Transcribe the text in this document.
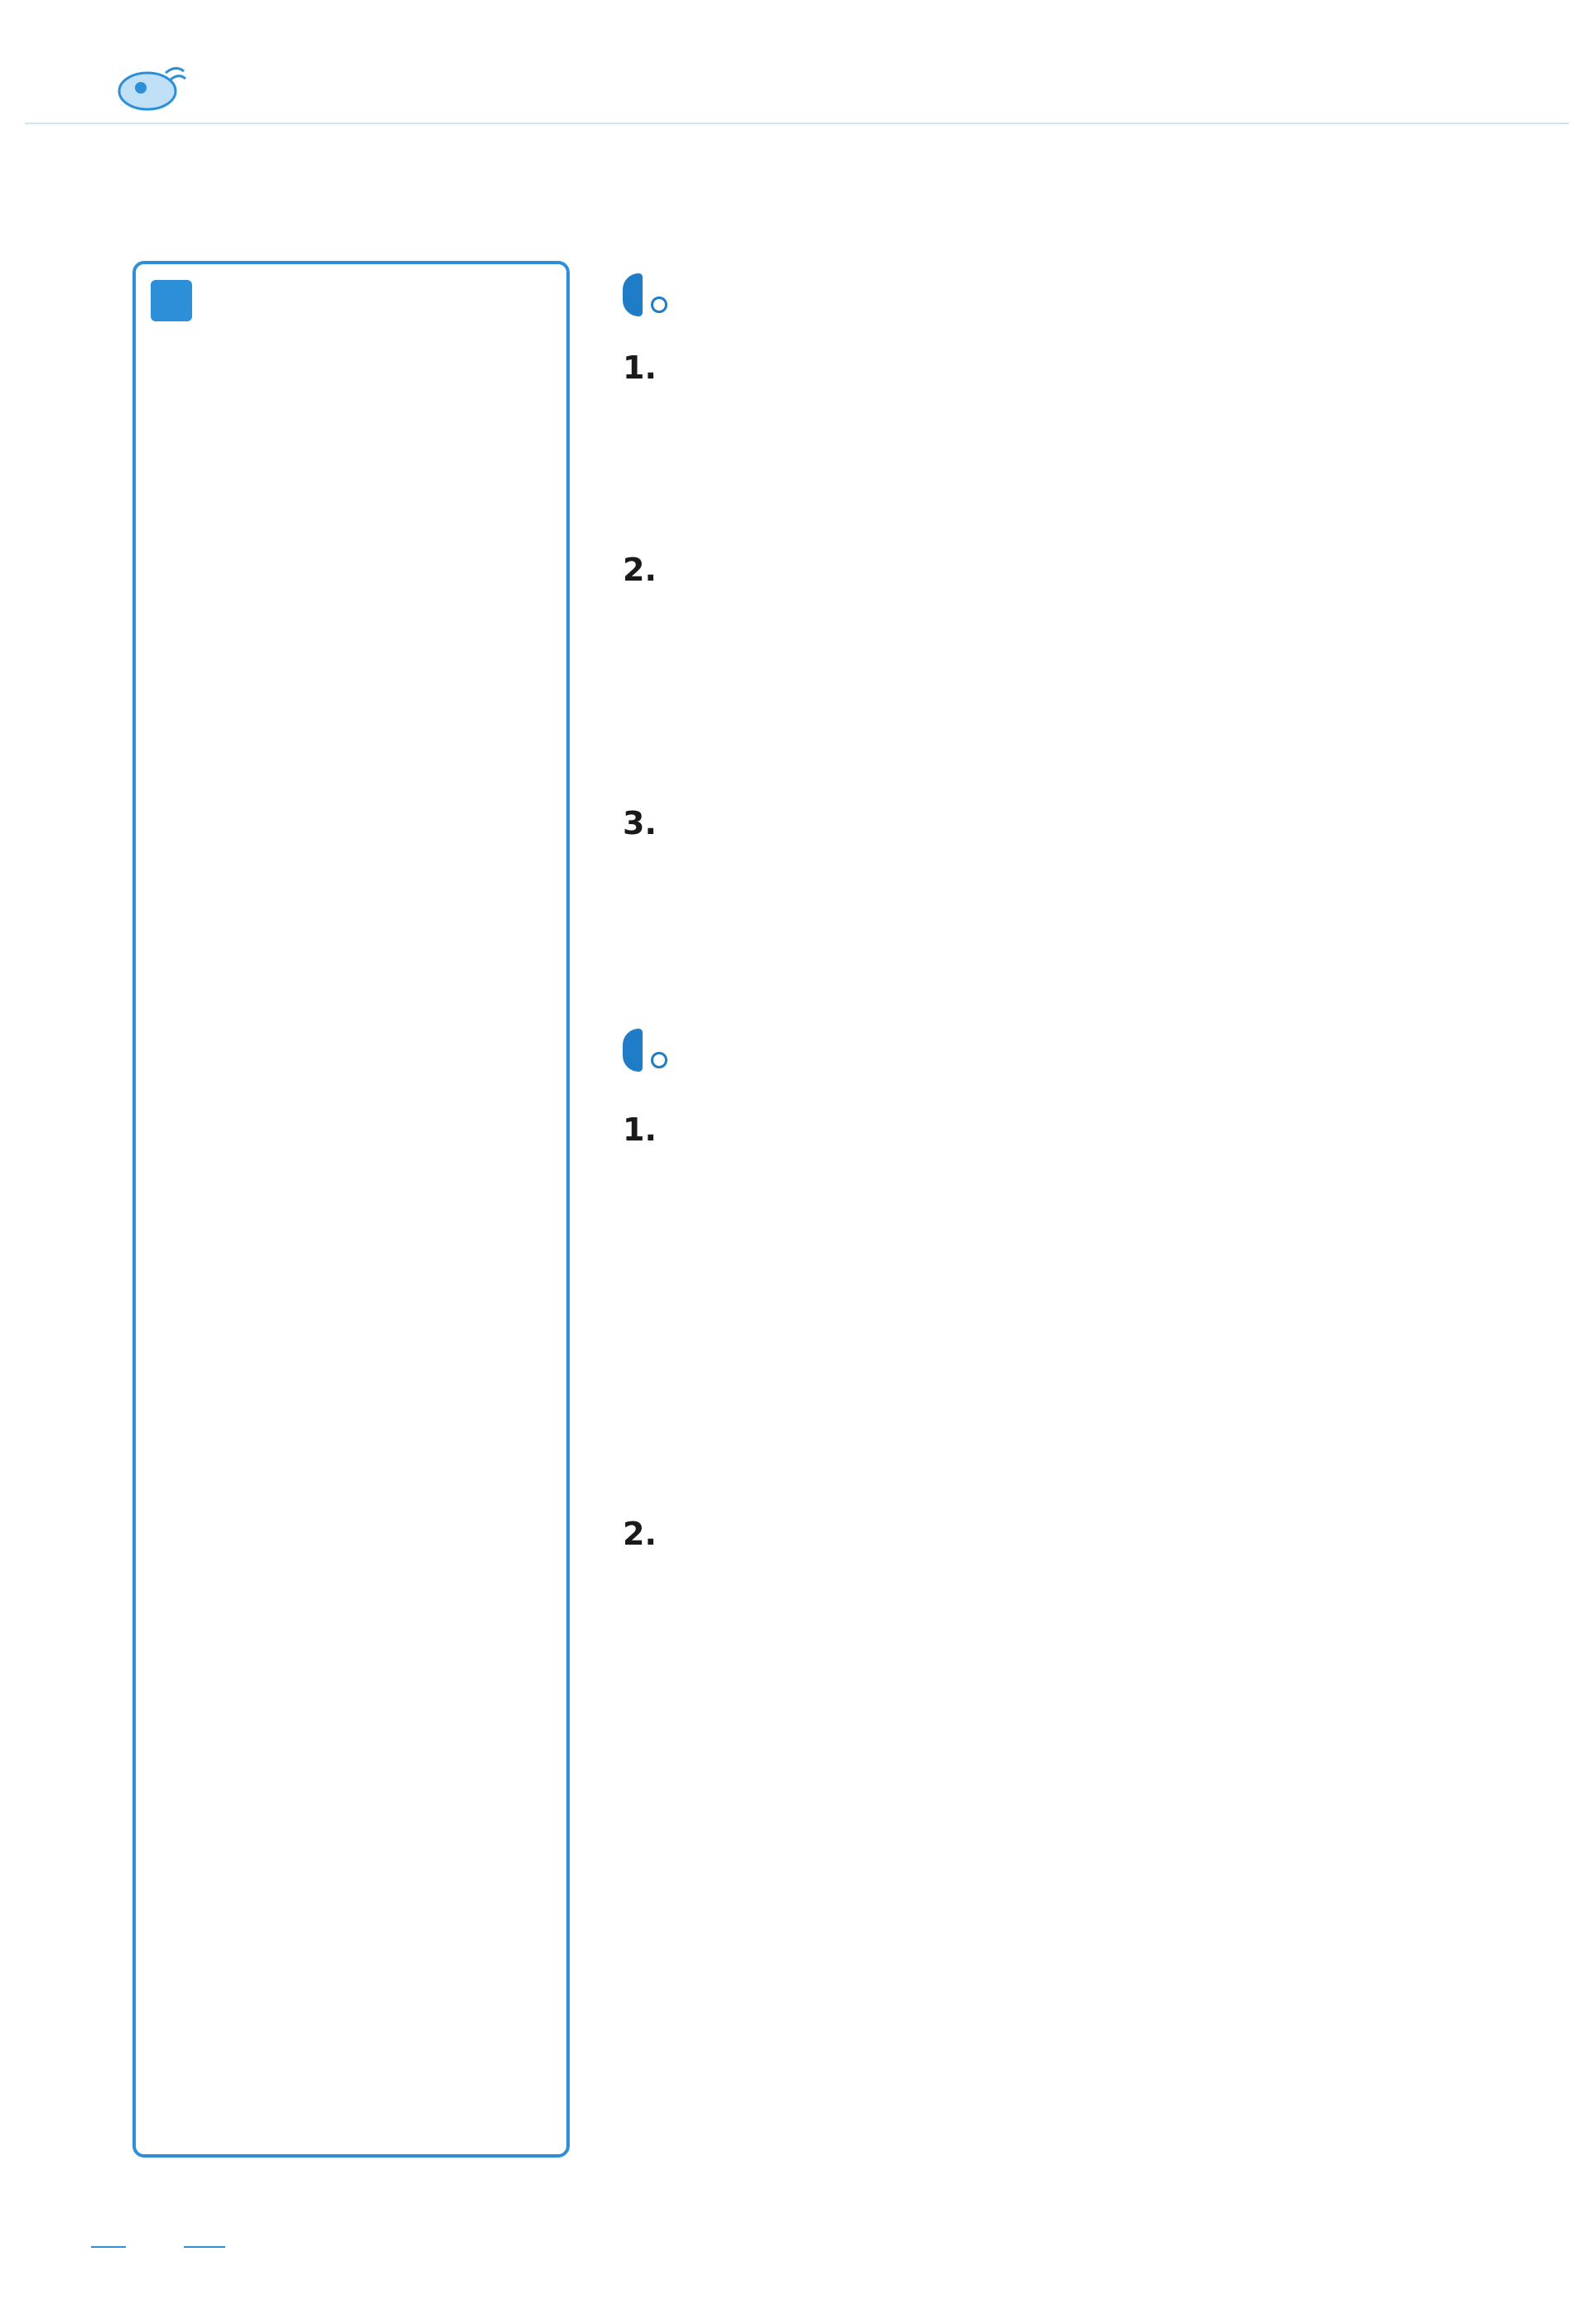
1.
2.
3.

1.
2.
